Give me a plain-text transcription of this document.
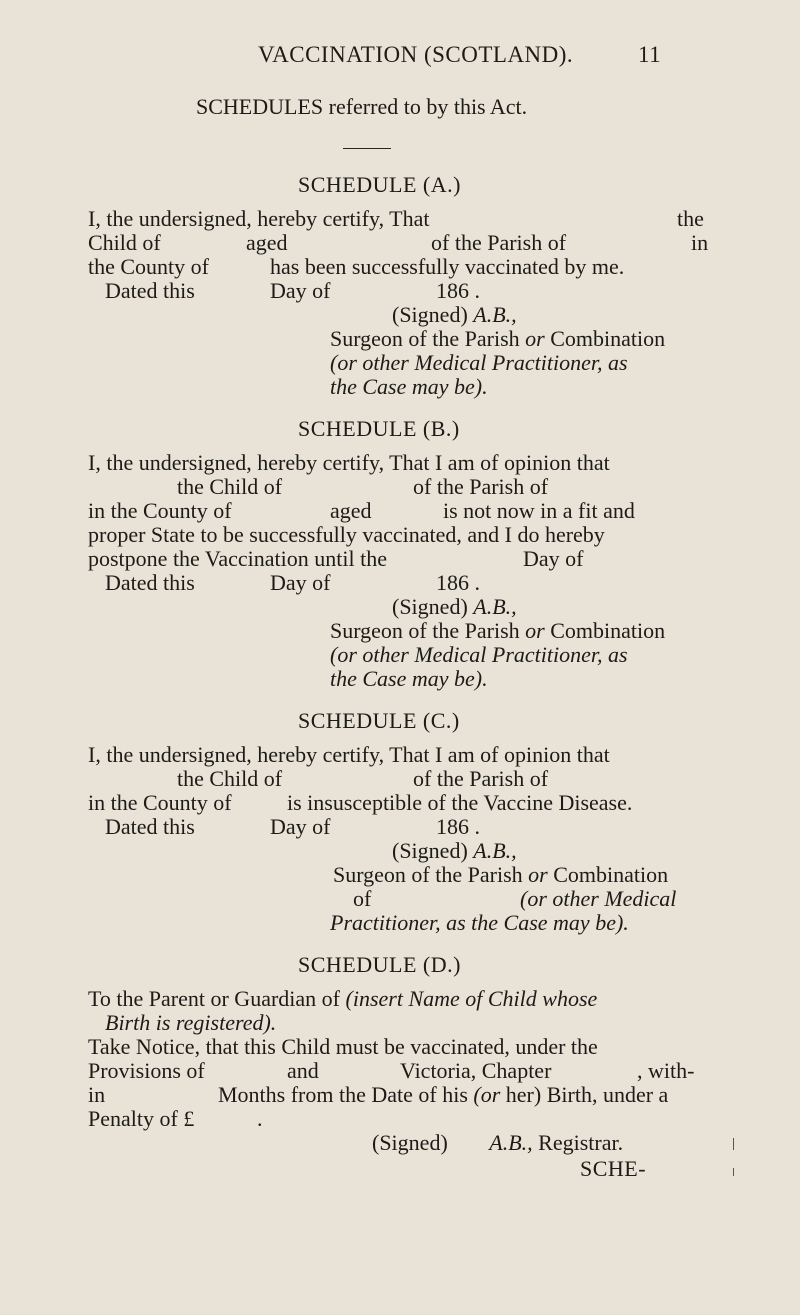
VACCINATION (SCOTLAND).	11
SCHEDULES referred to by this Act.
SCHEDULE (A.)
I, the undersigned, hereby certify, That	the
Child of	aged	of the Parish of	in
the County of	has been successfully vaccinated by me.
Dated this	Day of	186 .
(Signed) A.B.,
Surgeon of the Parish or Combination
(or other Medical Practitioner, as
the Case may be).
SCHEDULE (B.)
I, the undersigned, hereby certify, That I am of opinion that
the Child of	of the Parish of
in the County of	aged	is not now in a fit and
proper State to be successfully vaccinated, and I do hereby
postpone the Vaccination until the	Day of
Dated this	Day of	186 .
(Signed) A.B.,
Surgeon of the Parish or Combination
(or other Medical Practitioner, as
the Case may be).
SCHEDULE (C.)
I, the undersigned, hereby certify, That I am of opinion that
the Child of	of the Parish of
in the County of	is insusceptible of the Vaccine Disease.
Dated this	Day of	186 .
(Signed) A.B.,
Surgeon of the Parish or Combination
of	(or other Medical
Practitioner, as the Case may be).
SCHEDULE (D.)
To the Parent or Guardian of (insert Name of Child whose
Birth is registered).
Take Notice, that this Child must be vaccinated, under the
Provisions of	and	Victoria, Chapter	, with-
in	Months from the Date of his (or her) Birth, under a
Penalty of £	.
(Signed) A.B., Registrar.
SCHE-
